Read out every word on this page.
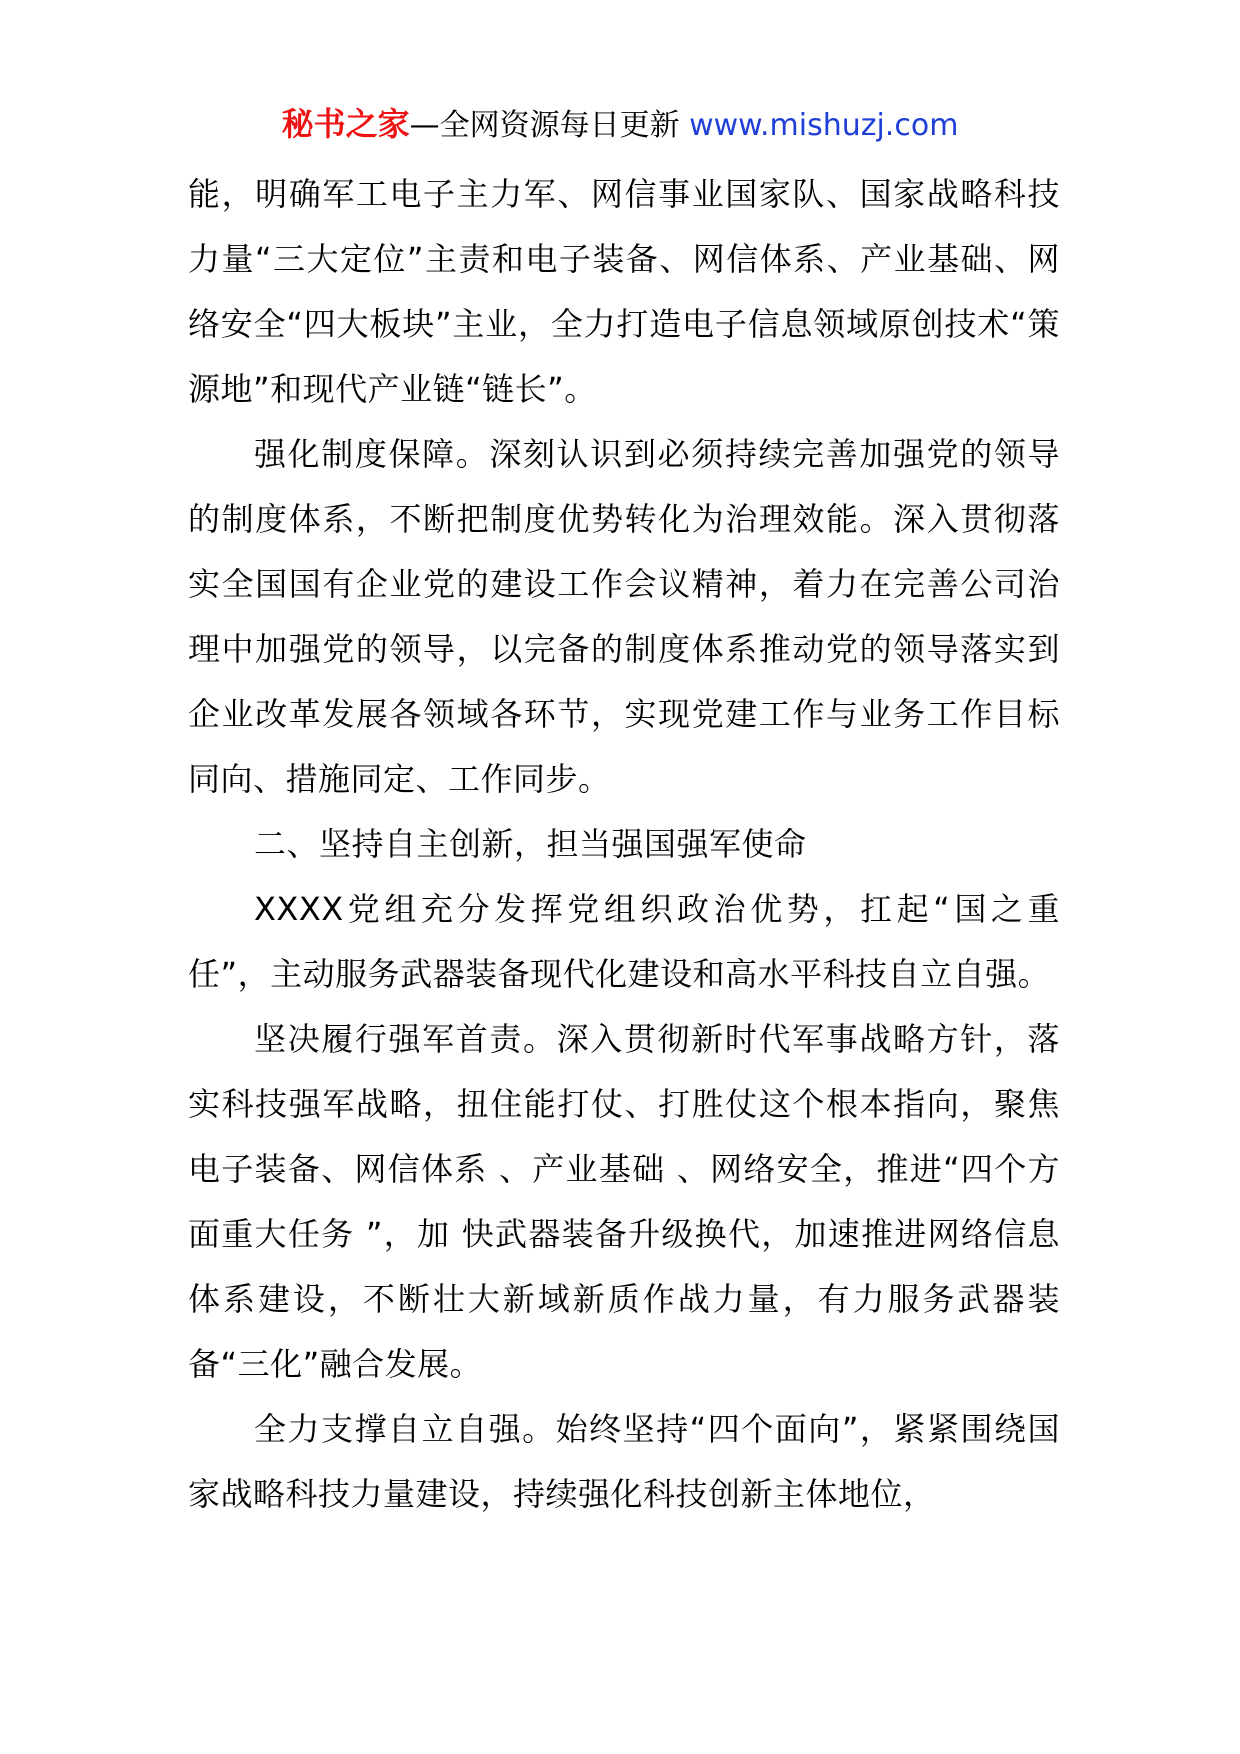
秘书之家—全网资源每日更新 www.mishuzj.com

能，明确军工电子主力军、网信事业国家队、国家战略科技力量“三大定位”主责和电子装备、网信体系、产业基础、网络安全“四大板块”主业，全力打造电子信息领域原创技术“策源地”和现代产业链“链长”。

强化制度保障。深刻认识到必须持续完善加强党的领导的制度体系，不断把制度优势转化为治理效能。深入贯彻落实全国国有企业党的建设工作会议精神，着力在完善公司治理中加强党的领导，以完备的制度体系推动党的领导落实到企业改革发展各领域各环节，实现党建工作与业务工作目标同向、措施同定、工作同步。

二、坚持自主创新，担当强国强军使命

XXXX党组充分发挥党组织政治优势，扛起“国之重任”，主动服务武器装备现代化建设和高水平科技自立自强。

坚决履行强军首责。深入贯彻新时代军事战略方针，落实科技强军战略，扭住能打仗、打胜仗这个根本指向，聚焦电子装备、网信体系 、产业基础 、网络安全，推进“四个方面重大任务 ”，加 快武器装备升级换代，加速推进网络信息体系建设，不断壮大新域新质作战力量，有力服务武器装备“三化”融合发展。

全力支撑自立自强。始终坚持“四个面向”，紧紧围绕国家战略科技力量建设，持续强化科技创新主体地位，
